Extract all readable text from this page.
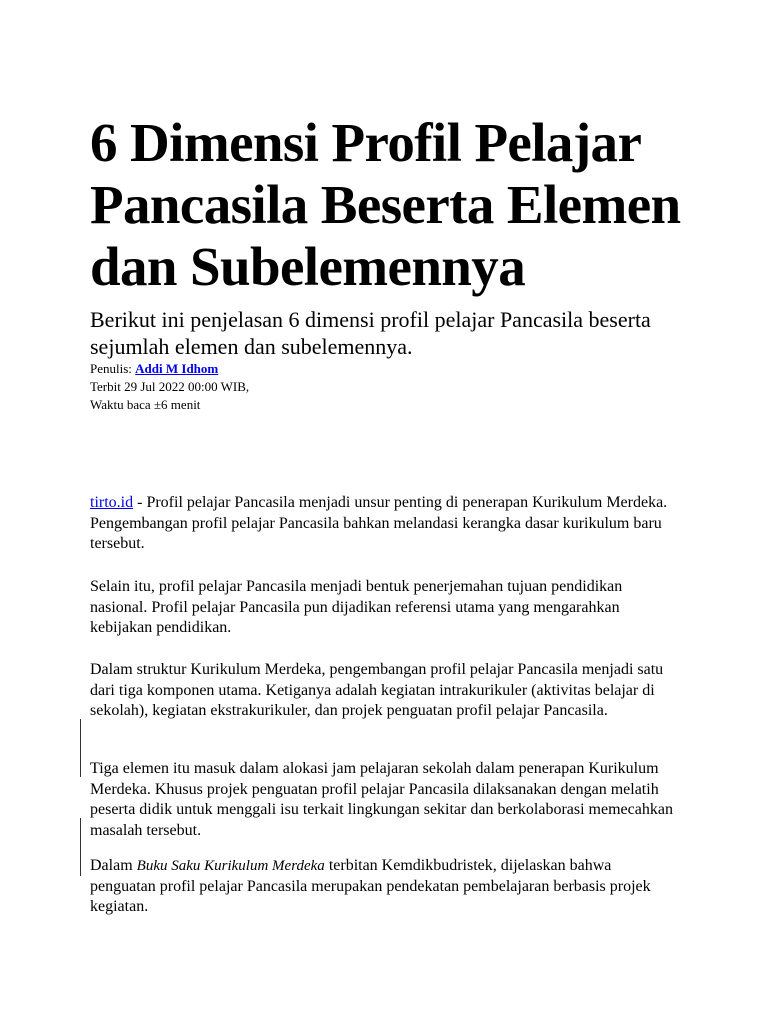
6 Dimensi Profil Pelajar Pancasila Beserta Elemen dan Subelemennya
Berikut ini penjelasan 6 dimensi profil pelajar Pancasila beserta sejumlah elemen dan subelemennya.
Penulis: Addi M Idhom
Terbit 29 Jul 2022 00:00 WIB,
Waktu baca ±6 menit

tirto.id - Profil pelajar Pancasila menjadi unsur penting di penerapan Kurikulum Merdeka. Pengembangan profil pelajar Pancasila bahkan melandasi kerangka dasar kurikulum baru tersebut.

Selain itu, profil pelajar Pancasila menjadi bentuk penerjemahan tujuan pendidikan nasional. Profil pelajar Pancasila pun dijadikan referensi utama yang mengarahkan kebijakan pendidikan.

Dalam struktur Kurikulum Merdeka, pengembangan profil pelajar Pancasila menjadi satu dari tiga komponen utama. Ketiganya adalah kegiatan intrakurikuler (aktivitas belajar di sekolah), kegiatan ekstrakurikuler, dan projek penguatan profil pelajar Pancasila.

Tiga elemen itu masuk dalam alokasi jam pelajaran sekolah dalam penerapan Kurikulum Merdeka. Khusus projek penguatan profil pelajar Pancasila dilaksanakan dengan melatih peserta didik untuk menggali isu terkait lingkungan sekitar dan berkolaborasi memecahkan masalah tersebut.

Dalam Buku Saku Kurikulum Merdeka terbitan Kemdikbudristek, dijelaskan bahwa penguatan profil pelajar Pancasila merupakan pendekatan pembelajaran berbasis projek kegiatan.
